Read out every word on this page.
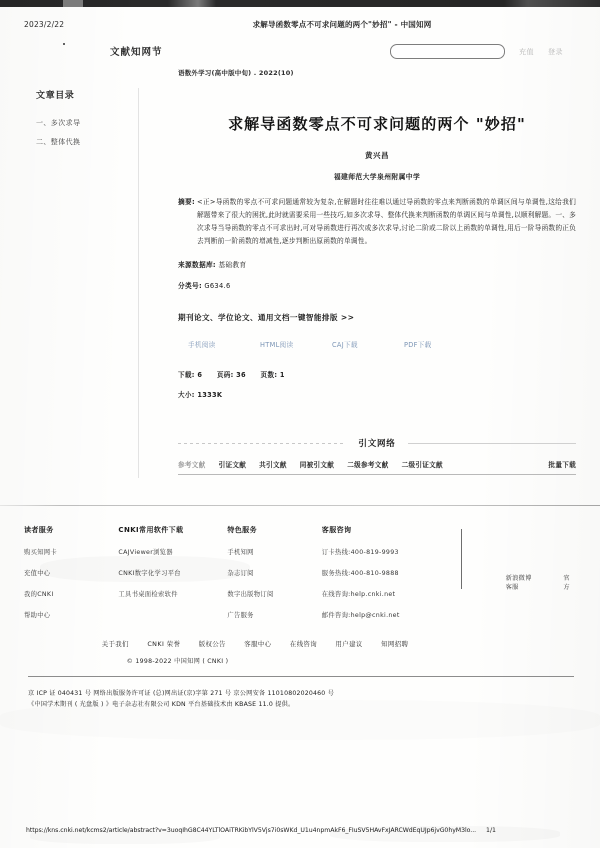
2023/2/22	求解导函数零点不可求问题的两个"妙招" - 中国知网
文献知网节	充值 登录
文章目录
一、多次求导
二、整体代换
语数外学习(高中版中旬) . 2022(10)
求解导函数零点不可求问题的两个 "妙招"
黄兴昌
福建师范大学泉州附属中学
摘要: <正>导函数的零点不可求问题通常较为复杂,在解题时往往难以通过导函数的零点来判断函数的单调区间与单调性,这给我们解题带来了很大的困扰,此时就需要采用一些技巧,如多次求导、整体代换来判断函数的单调区间与单调性,以顺利解题。一、多次求导当导函数的零点不可求出时,可对导函数进行再次或多次求导,讨论二阶或二阶以上函数的单调性,用后一阶导函数的正负去判断前一阶函数的增减性,逐步判断出原函数的单调性。
来源数据库: 基础教育
分类号: G634.6
期刊论文、学位论文、通用文档一键智能排版 >>
手机阅读	HTML阅读	CAJ下载	PDF下载
下载: 6 页码: 36 页数: 1
大小: 1333K
引文网络
参考文献 引证文献 共引文献 同被引文献 二级参考文献 二级引证文献	批量下载
读者服务
购买知网卡
充值中心
我的CNKI
帮助中心
CNKI常用软件下载
CAJViewer浏览器
CNKI数字化学习平台
工具书桌面检索软件
特色服务
手机知网
杂志订阅
数字出版物订阅
广告服务
客服咨询
订卡热线:400-819-9993
服务热线:400-810-9888
在线咨询:help.cnki.net
邮件咨询:help@cnki.net
新浪微博客服
官方
关于我们	CNKI 荣誉	版权公告	客服中心	在线咨询	用户建议	知网招聘
© 1998-2022 中国知网 ( CNKI )
京 ICP 证 040431 号 网络出版服务许可证 (总)网出证(京)字第 271 号 京公网安备 11010802020460 号
《中国学术期刊 ( 光盘版 ) 》电子杂志社有限公司 KDN 平台基础技术由 KBASE 11.0 提供。
https://kns.cnki.net/kcms2/article/abstract?v=3uoqIhG8C44YLTlOAiTRKibYlV5Vjs7i0sWKd_U1u4npmAkF6_FIuSV5HAvFxJARCWdEqUJp6jvG0hyM3lo... 1/1
